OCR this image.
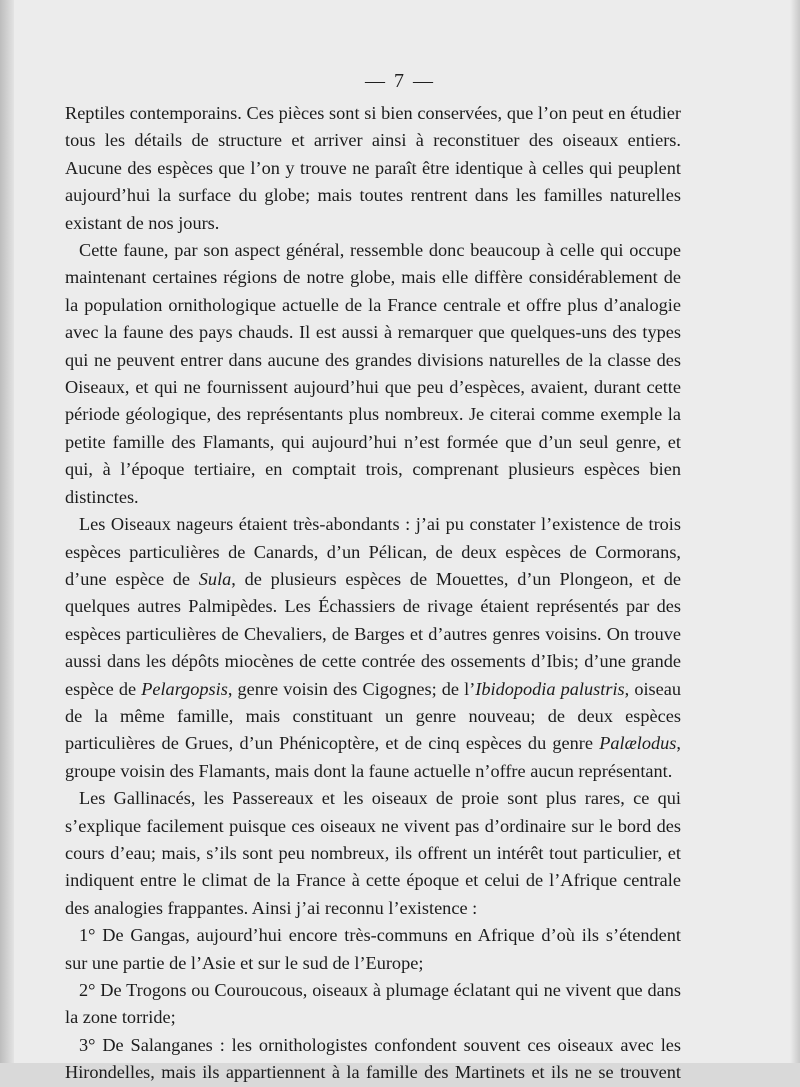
— 7 —

Reptiles contemporains. Ces pièces sont si bien conservées, que l’on peut en étudier tous les détails de structure et arriver ainsi à reconstituer des oiseaux entiers. Aucune des espèces que l’on y trouve ne paraît être identique à celles qui peuplent aujourd’hui la surface du globe; mais toutes rentrent dans les familles naturelles existant de nos jours.

Cette faune, par son aspect général, ressemble donc beaucoup à celle qui occupe maintenant certaines régions de notre globe, mais elle diffère considérablement de la population ornithologique actuelle de la France centrale et offre plus d’analogie avec la faune des pays chauds. Il est aussi à remarquer que quelques-uns des types qui ne peuvent entrer dans aucune des grandes divisions naturelles de la classe des Oiseaux, et qui ne fournissent aujourd’hui que peu d’espèces, avaient, durant cette période géologique, des représentants plus nombreux. Je citerai comme exemple la petite famille des Flamants, qui aujourd’hui n’est formée que d’un seul genre, et qui, à l’époque tertiaire, en comptait trois, comprenant plusieurs espèces bien distinctes.

Les Oiseaux nageurs étaient très-abondants : j’ai pu constater l’existence de trois espèces particulières de Canards, d’un Pélican, de deux espèces de Cormorans, d’une espèce de Sula, de plusieurs espèces de Mouettes, d’un Plongeon, et de quelques autres Palmipèdes. Les Échassiers de rivage étaient représentés par des espèces particulières de Chevaliers, de Barges et d’autres genres voisins. On trouve aussi dans les dépôts miocènes de cette contrée des ossements d’Ibis; d’une grande espèce de Pelargopsis, genre voisin des Cigognes; de l’Ibidopodia palustris, oiseau de la même famille, mais constituant un genre nouveau; de deux espèces particulières de Grues, d’un Phénicoptère, et de cinq espèces du genre Palælodus, groupe voisin des Flamants, mais dont la faune actuelle n’offre aucun représentant.

Les Gallinacés, les Passereaux et les oiseaux de proie sont plus rares, ce qui s’explique facilement puisque ces oiseaux ne vivent pas d’ordinaire sur le bord des cours d’eau; mais, s’ils sont peu nombreux, ils offrent un intérêt tout particulier, et indiquent entre le climat de la France à cette époque et celui de l’Afrique centrale des analogies frappantes. Ainsi j’ai reconnu l’existence :

1° De Gangas, aujourd’hui encore très-communs en Afrique d’où ils s’étendent sur une partie de l’Asie et sur le sud de l’Europe;

2° De Trogons ou Couroucous, oiseaux à plumage éclatant qui ne vivent que dans la zone torride;

3° De Salanganes : les ornithologistes confondent souvent ces oiseaux avec les Hirondelles, mais ils appartiennent à la famille des Martinets et ils ne se trouvent
